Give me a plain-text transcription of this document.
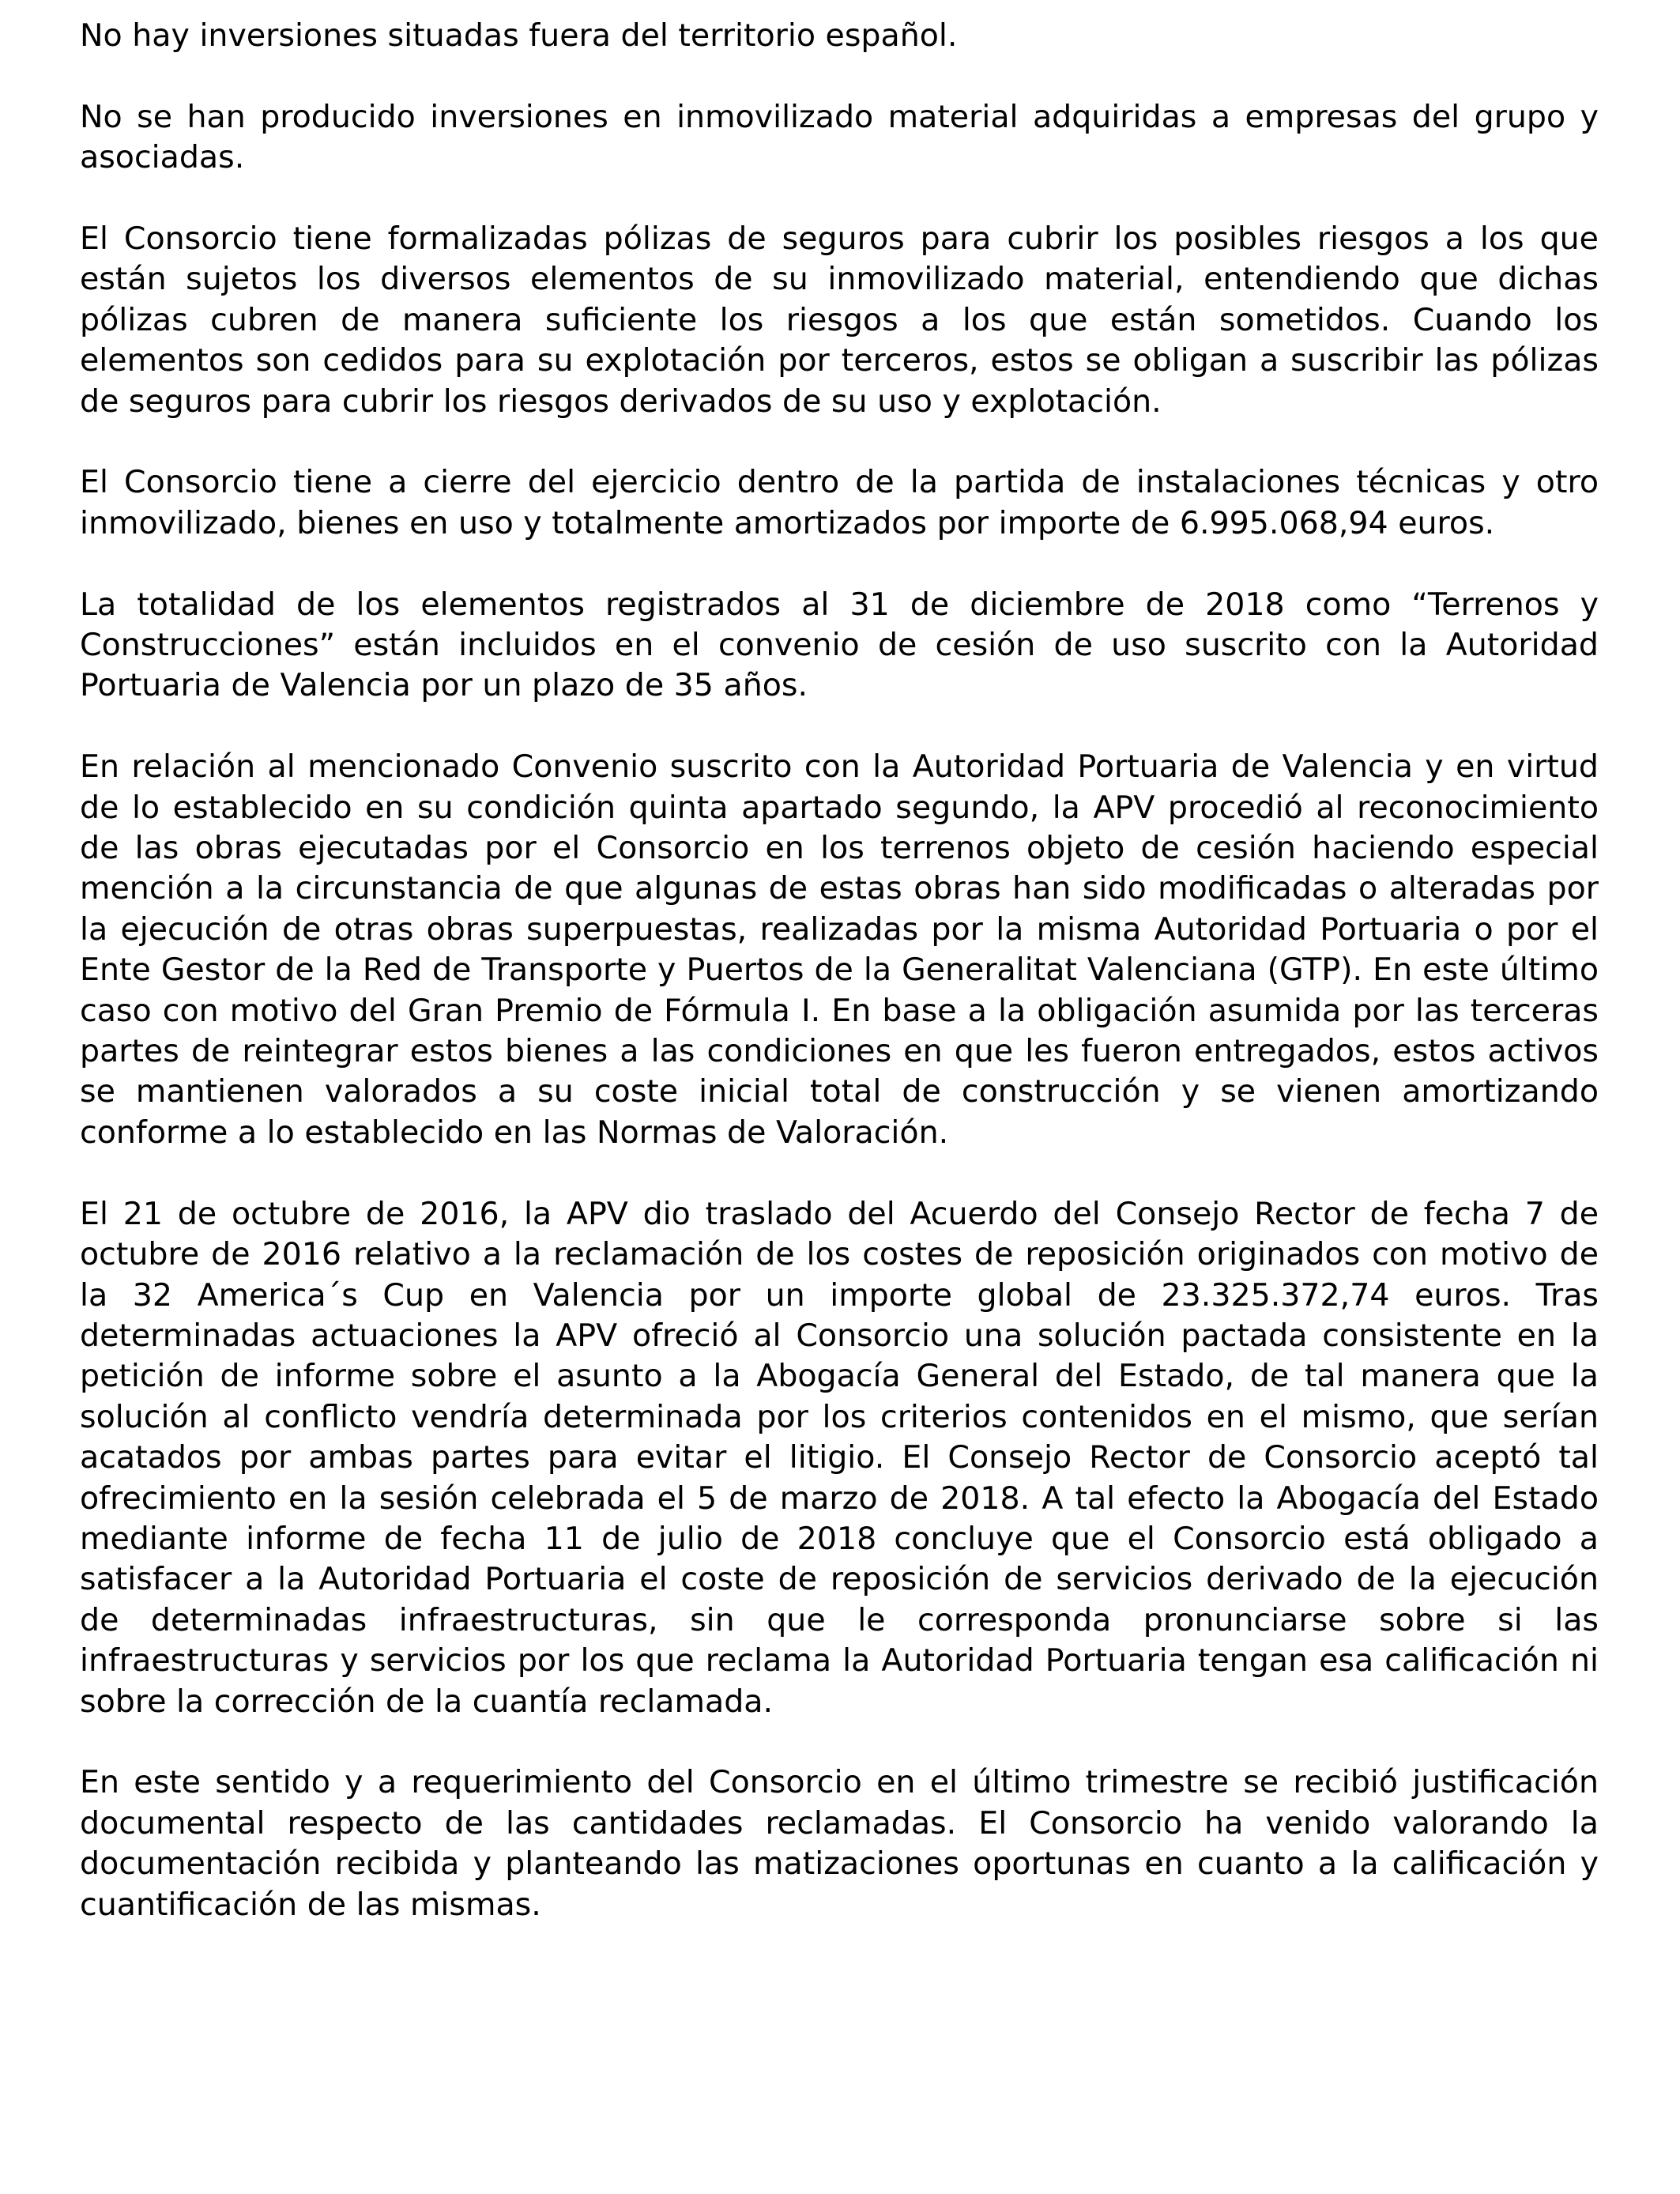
No hay inversiones situadas fuera del territorio español.

No se han producido inversiones en inmovilizado material adquiridas a empresas del grupo y asociadas.

El Consorcio tiene formalizadas pólizas de seguros para cubrir los posibles riesgos a los que están sujetos los diversos elementos de su inmovilizado material, entendiendo que dichas pólizas cubren de manera suficiente los riesgos a los que están sometidos. Cuando los elementos son cedidos para su explotación por terceros, estos se obligan a suscribir las pólizas de seguros para cubrir los riesgos derivados de su uso y explotación.

El Consorcio tiene a cierre del ejercicio dentro de la partida de instalaciones técnicas y otro inmovilizado, bienes en uso y totalmente amortizados por importe de 6.995.068,94 euros.

La totalidad de los elementos registrados al 31 de diciembre de 2018 como “Terrenos y Construcciones” están incluidos en el convenio de cesión de uso suscrito con la Autoridad Portuaria de Valencia por un plazo de 35 años.

En relación al mencionado Convenio suscrito con la Autoridad Portuaria de Valencia y en virtud de lo establecido en su condición quinta apartado segundo, la APV procedió al reconocimiento de las obras ejecutadas por el Consorcio en los terrenos objeto de cesión haciendo especial mención a la circunstancia de que algunas de estas obras han sido modificadas o alteradas por la ejecución de otras obras superpuestas, realizadas por la misma Autoridad Portuaria o por el Ente Gestor de la Red de Transporte y Puertos de la Generalitat Valenciana (GTP). En este último caso con motivo del Gran Premio de Fórmula I. En base a la obligación asumida por las terceras partes de reintegrar estos bienes a las condiciones en que les fueron entregados, estos activos se mantienen valorados a su coste inicial total de construcción y se vienen amortizando conforme a lo establecido en las Normas de Valoración.

El 21 de octubre de 2016, la APV dio traslado del Acuerdo del Consejo Rector de fecha 7 de octubre de 2016 relativo a la reclamación de los costes de reposición originados con motivo de la 32 America´s Cup en Valencia por un importe global de 23.325.372,74 euros. Tras determinadas actuaciones la APV ofreció al Consorcio una solución pactada consistente en la petición de informe sobre el asunto a la Abogacía General del Estado, de tal manera que la solución al conflicto vendría determinada por los criterios contenidos en el mismo, que serían acatados por ambas partes para evitar el litigio. El Consejo Rector de Consorcio aceptó tal ofrecimiento en la sesión celebrada el 5 de marzo de 2018. A tal efecto la Abogacía del Estado mediante informe de fecha 11 de julio de 2018 concluye que el Consorcio está obligado a satisfacer a la Autoridad Portuaria el coste de reposición de servicios derivado de la ejecución de determinadas infraestructuras, sin que le corresponda pronunciarse sobre si las infraestructuras y servicios por los que reclama la Autoridad Portuaria tengan esa calificación ni sobre la corrección de la cuantía reclamada.

En este sentido y a requerimiento del Consorcio en el último trimestre se recibió justificación documental respecto de las cantidades reclamadas. El Consorcio ha venido valorando la documentación recibida y planteando las matizaciones oportunas en cuanto a la calificación y cuantificación de las mismas.
